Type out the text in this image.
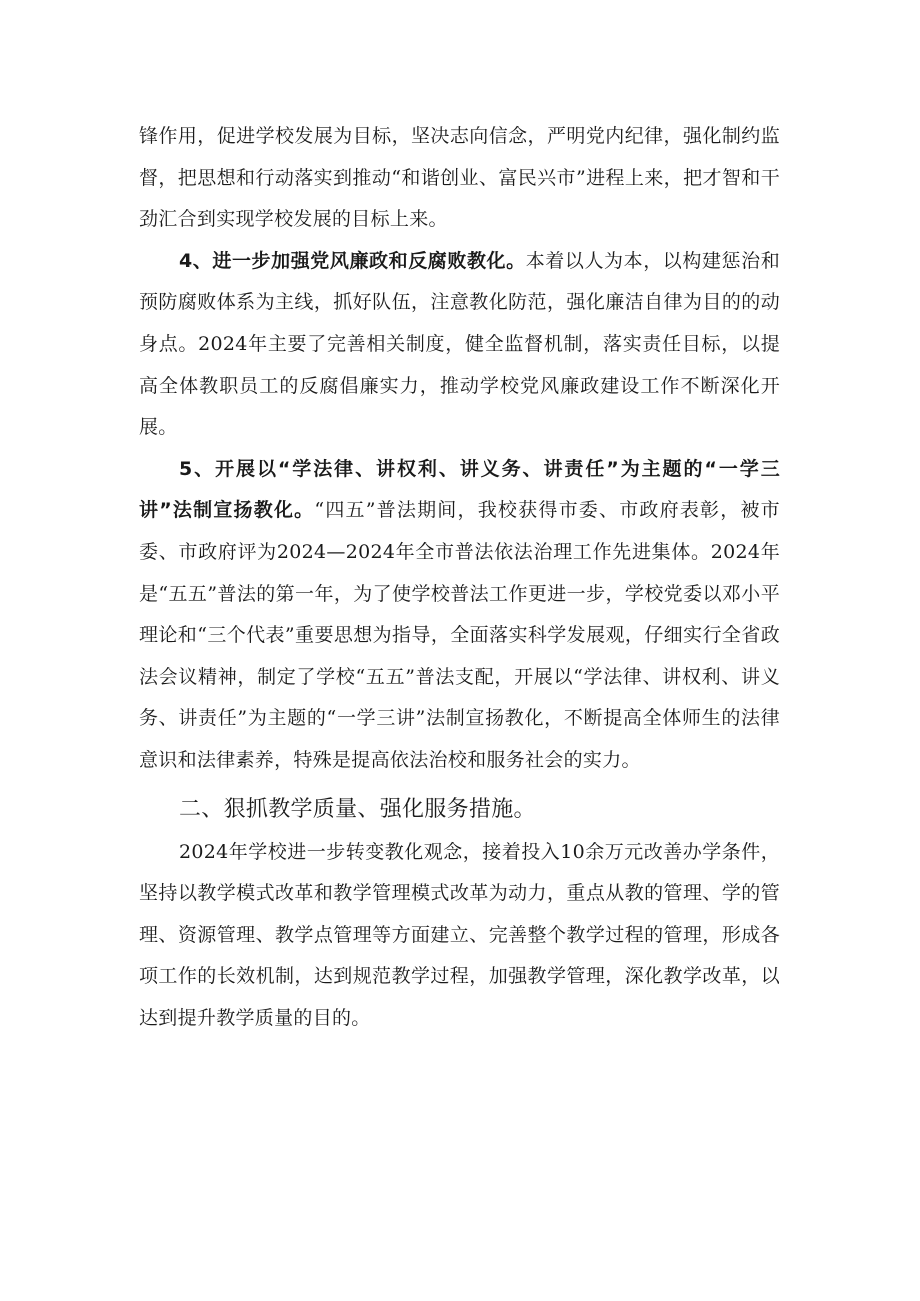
锋作用，促进学校发展为目标，坚决志向信念，严明党内纪律，强化制约监督，把思想和行动落实到推动“和谐创业、富民兴市”进程上来，把才智和干劲汇合到实现学校发展的目标上来。

4、进一步加强党风廉政和反腐败教化。本着以人为本，以构建惩治和预防腐败体系为主线，抓好队伍，注意教化防范，强化廉洁自律为目的的动身点。2024年主要了完善相关制度，健全监督机制，落实责任目标，以提高全体教职员工的反腐倡廉实力，推动学校党风廉政建设工作不断深化开展。

5、开展以“学法律、讲权利、讲义务、讲责任”为主题的“一学三讲”法制宣扬教化。“四五”普法期间，我校获得市委、市政府表彰，被市委、市政府评为2024—2024年全市普法依法治理工作先进集体。2024年是“五五”普法的第一年，为了使学校普法工作更进一步，学校党委以邓小平理论和“三个代表”重要思想为指导，全面落实科学发展观，仔细实行全省政法会议精神，制定了学校“五五”普法支配，开展以“学法律、讲权利、讲义务、讲责任”为主题的“一学三讲”法制宣扬教化，不断提高全体师生的法律意识和法律素养，特殊是提高依法治校和服务社会的实力。

二、狠抓教学质量、强化服务措施。

2024年学校进一步转变教化观念，接着投入10余万元改善办学条件，坚持以教学模式改革和教学管理模式改革为动力，重点从教的管理、学的管理、资源管理、教学点管理等方面建立、完善整个教学过程的管理，形成各项工作的长效机制，达到规范教学过程，加强教学管理，深化教学改革，以达到提升教学质量的目的。
